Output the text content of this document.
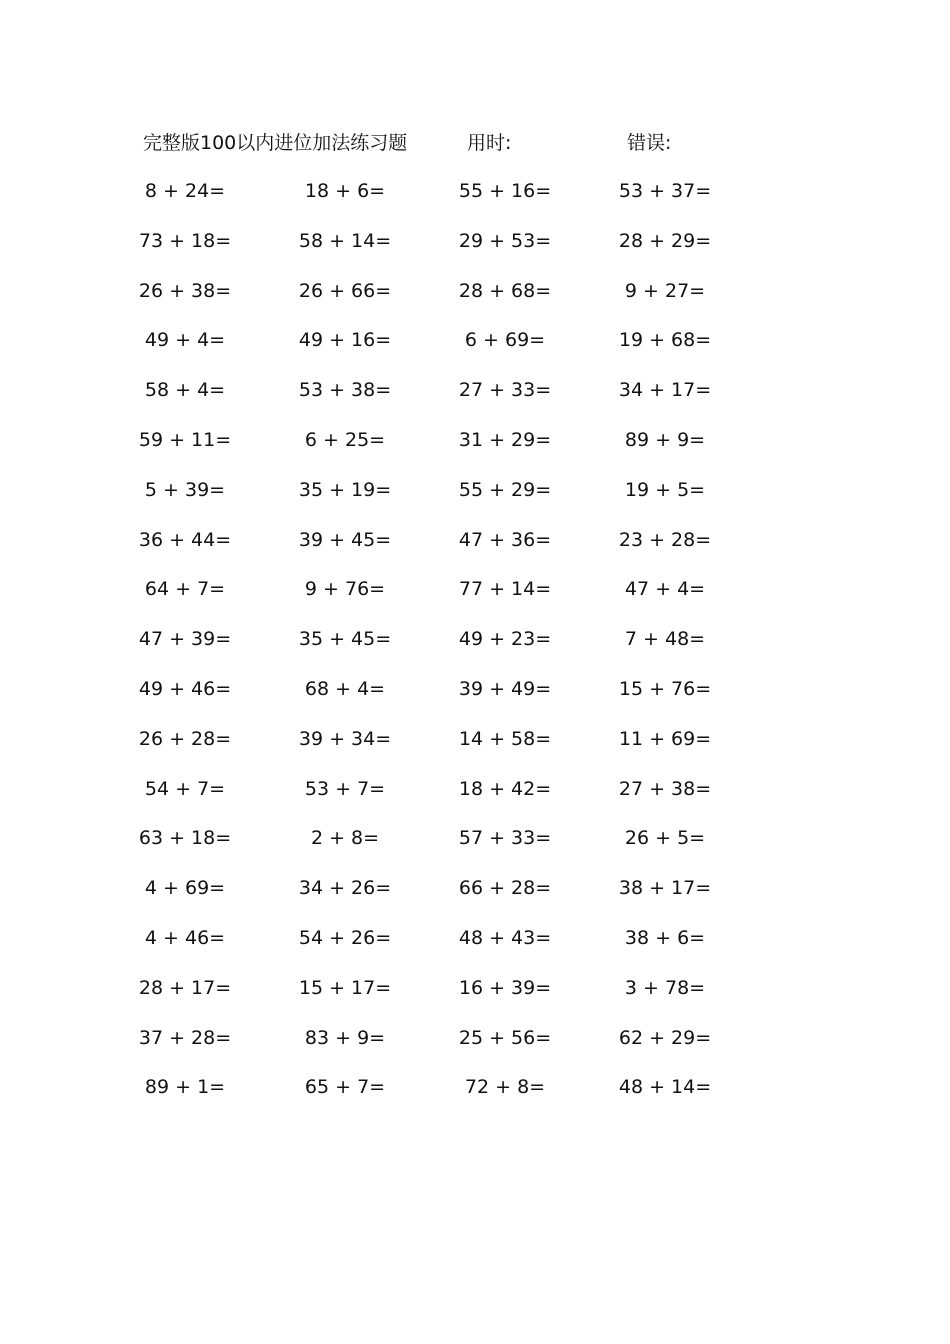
完整版100以内进位加法练习题	用时:	错误:
8 + 24=	18 + 6=	55 + 16=	53 + 37=
73 + 18=	58 + 14=	29 + 53=	28 + 29=
26 + 38=	26 + 66=	28 + 68=	9 + 27=
49 + 4=	49 + 16=	6 + 69=	19 + 68=
58 + 4=	53 + 38=	27 + 33=	34 + 17=
59 + 11=	6 + 25=	31 + 29=	89 + 9=
5 + 39=	35 + 19=	55 + 29=	19 + 5=
36 + 44=	39 + 45=	47 + 36=	23 + 28=
64 + 7=	9 + 76=	77 + 14=	47 + 4=
47 + 39=	35 + 45=	49 + 23=	7 + 48=
49 + 46=	68 + 4=	39 + 49=	15 + 76=
26 + 28=	39 + 34=	14 + 58=	11 + 69=
54 + 7=	53 + 7=	18 + 42=	27 + 38=
63 + 18=	2 + 8=	57 + 33=	26 + 5=
4 + 69=	34 + 26=	66 + 28=	38 + 17=
4 + 46=	54 + 26=	48 + 43=	38 + 6=
28 + 17=	15 + 17=	16 + 39=	3 + 78=
37 + 28=	83 + 9=	25 + 56=	62 + 29=
89 + 1=	65 + 7=	72 + 8=	48 + 14=
